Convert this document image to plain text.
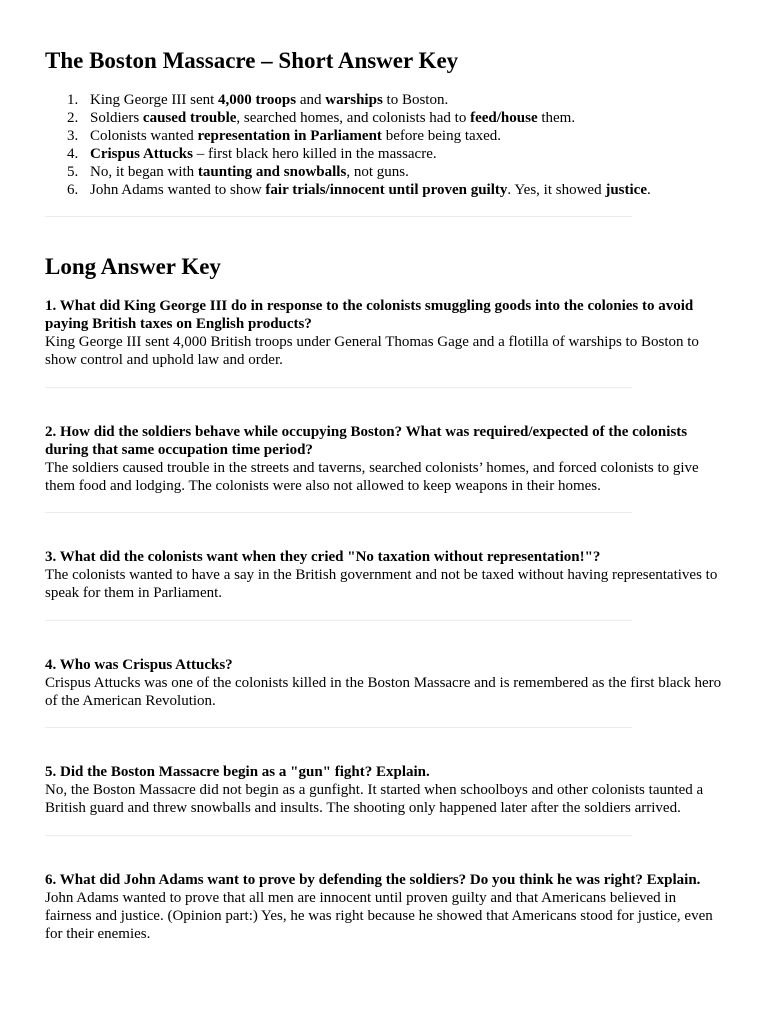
The Boston Massacre – Short Answer Key
1. King George III sent 4,000 troops and warships to Boston.
2. Soldiers caused trouble, searched homes, and colonists had to feed/house them.
3. Colonists wanted representation in Parliament before being taxed.
4. Crispus Attucks – first black hero killed in the massacre.
5. No, it began with taunting and snowballs, not guns.
6. John Adams wanted to show fair trials/innocent until proven guilty. Yes, it showed justice.
Long Answer Key
1. What did King George III do in response to the colonists smuggling goods into the colonies to avoid paying British taxes on English products?
King George III sent 4,000 British troops under General Thomas Gage and a flotilla of warships to Boston to show control and uphold law and order.
2. How did the soldiers behave while occupying Boston? What was required/expected of the colonists during that same occupation time period?
The soldiers caused trouble in the streets and taverns, searched colonists’ homes, and forced colonists to give them food and lodging. The colonists were also not allowed to keep weapons in their homes.
3. What did the colonists want when they cried "No taxation without representation!"?
The colonists wanted to have a say in the British government and not be taxed without having representatives to speak for them in Parliament.
4. Who was Crispus Attucks?
Crispus Attucks was one of the colonists killed in the Boston Massacre and is remembered as the first black hero of the American Revolution.
5. Did the Boston Massacre begin as a "gun" fight? Explain.
No, the Boston Massacre did not begin as a gunfight. It started when schoolboys and other colonists taunted a British guard and threw snowballs and insults. The shooting only happened later after the soldiers arrived.
6. What did John Adams want to prove by defending the soldiers? Do you think he was right? Explain.
John Adams wanted to prove that all men are innocent until proven guilty and that Americans believed in fairness and justice. (Opinion part:) Yes, he was right because he showed that Americans stood for justice, even for their enemies.
